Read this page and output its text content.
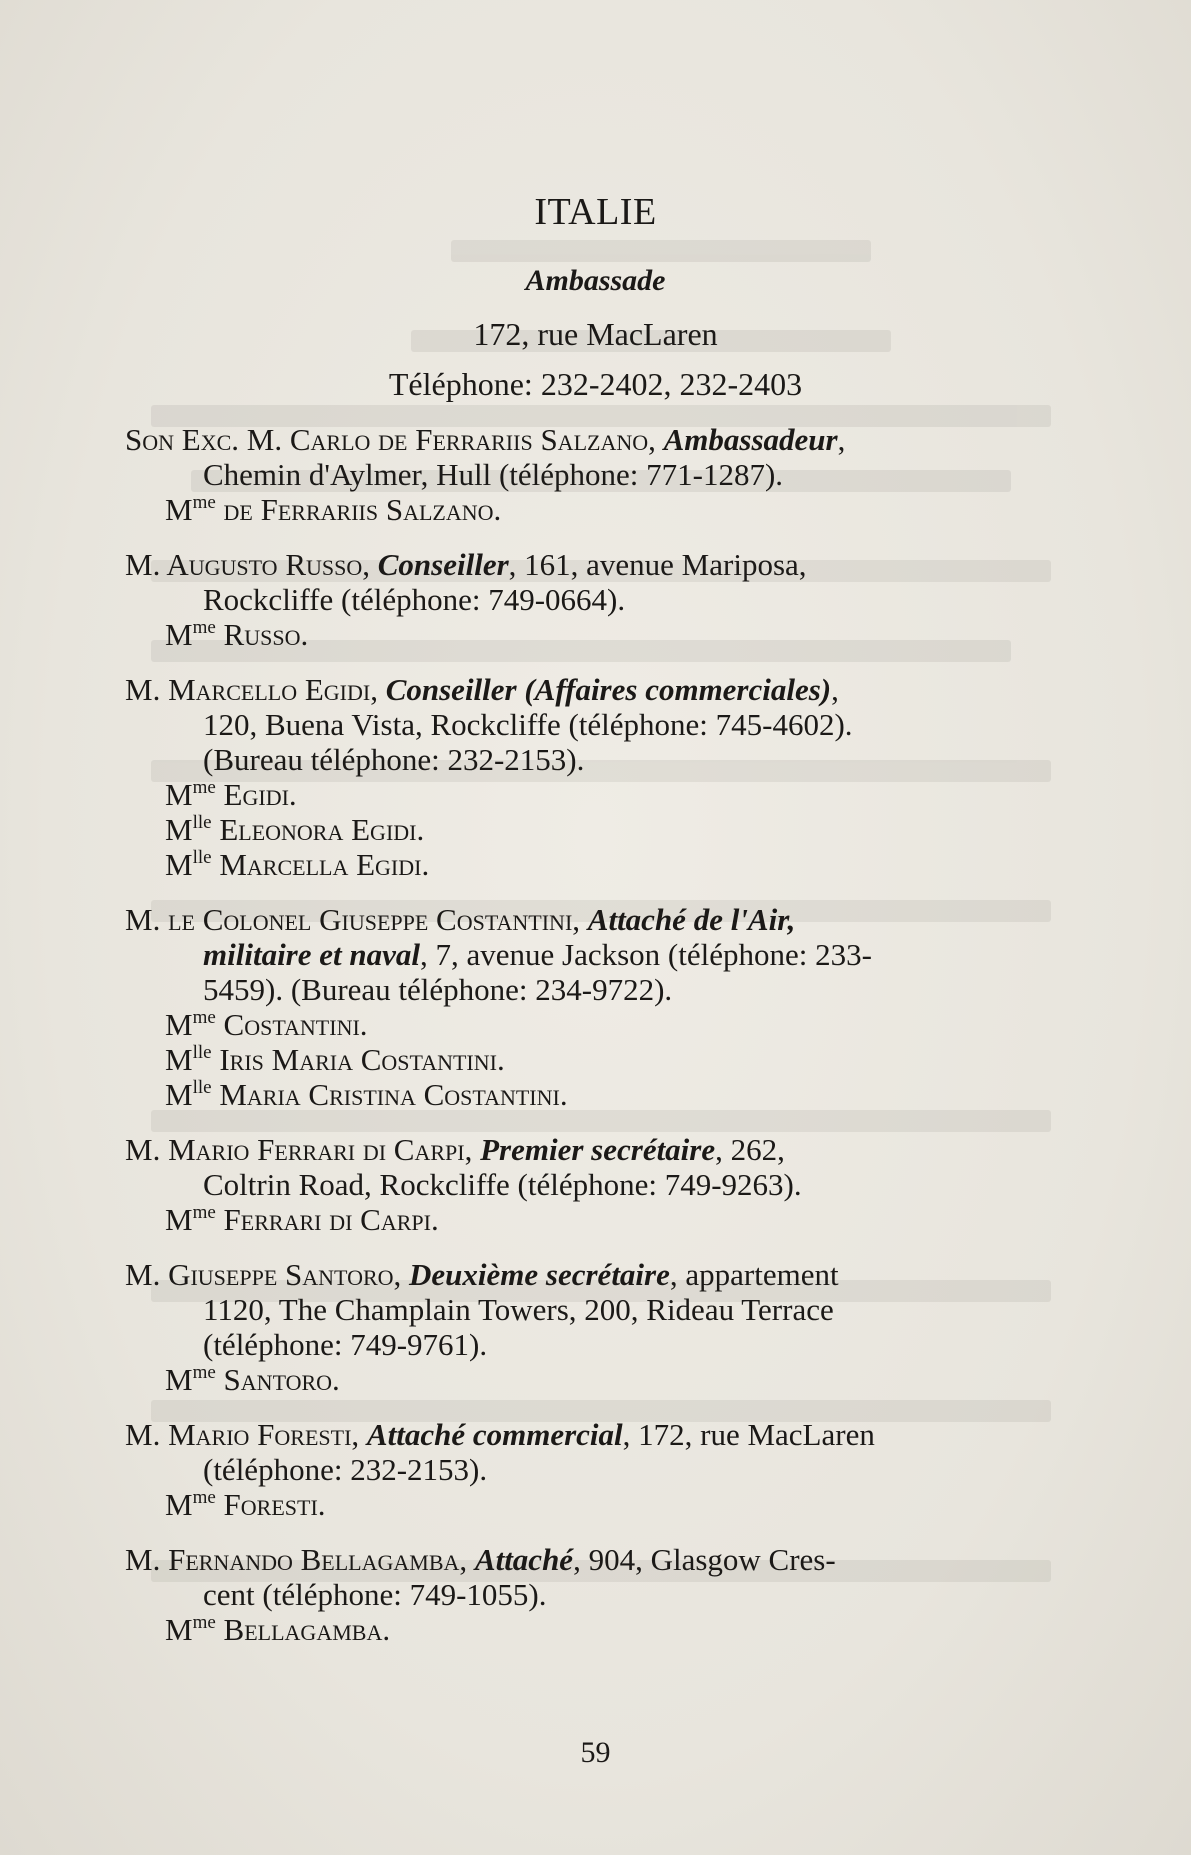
ITALIE
Ambassade
172, rue MacLaren
Téléphone: 232-2402, 232-2403
Son Exc. M. Carlo de Ferrariis Salzano, Ambassadeur,
Chemin d'Aylmer, Hull (téléphone: 771-1287).
$M^{me}$ de Ferrariis Salzano.
M. Augusto Russo, Conseiller, 161, avenue Mariposa,
Rockcliffe (téléphone: 749-0664).
$M^{me}$ Russo.
M. Marcello Egidi, Conseiller (Affaires commerciales),
120, Buena Vista, Rockcliffe (téléphone: 745-4602).
(Bureau téléphone: 232-2153).
$M^{me}$ Egidi.
$M^{lle}$ Eleonora Egidi.
$M^{lle}$ Marcella Egidi.
M. le Colonel Giuseppe Costantini, Attaché de l'Air,
militaire et naval, 7, avenue Jackson (téléphone: 233-
5459). (Bureau téléphone: 234-9722).
$M^{me}$ Costantini.
$M^{lle}$ Iris Maria Costantini.
$M^{lle}$ Maria Cristina Costantini.
M. Mario Ferrari di Carpi, Premier secrétaire, 262,
Coltrin Road, Rockcliffe (téléphone: 749-9263).
$M^{me}$ Ferrari di Carpi.
M. Giuseppe Santoro, Deuxième secrétaire, appartement
1120, The Champlain Towers, 200, Rideau Terrace
(téléphone: 749-9761).
$M^{me}$ Santoro.
M. Mario Foresti, Attaché commercial, 172, rue MacLaren
(téléphone: 232-2153).
$M^{me}$ Foresti.
M. Fernando Bellagamba, Attaché, 904, Glasgow Cres-
cent (téléphone: 749-1055).
$M^{me}$ Bellagamba.
59
